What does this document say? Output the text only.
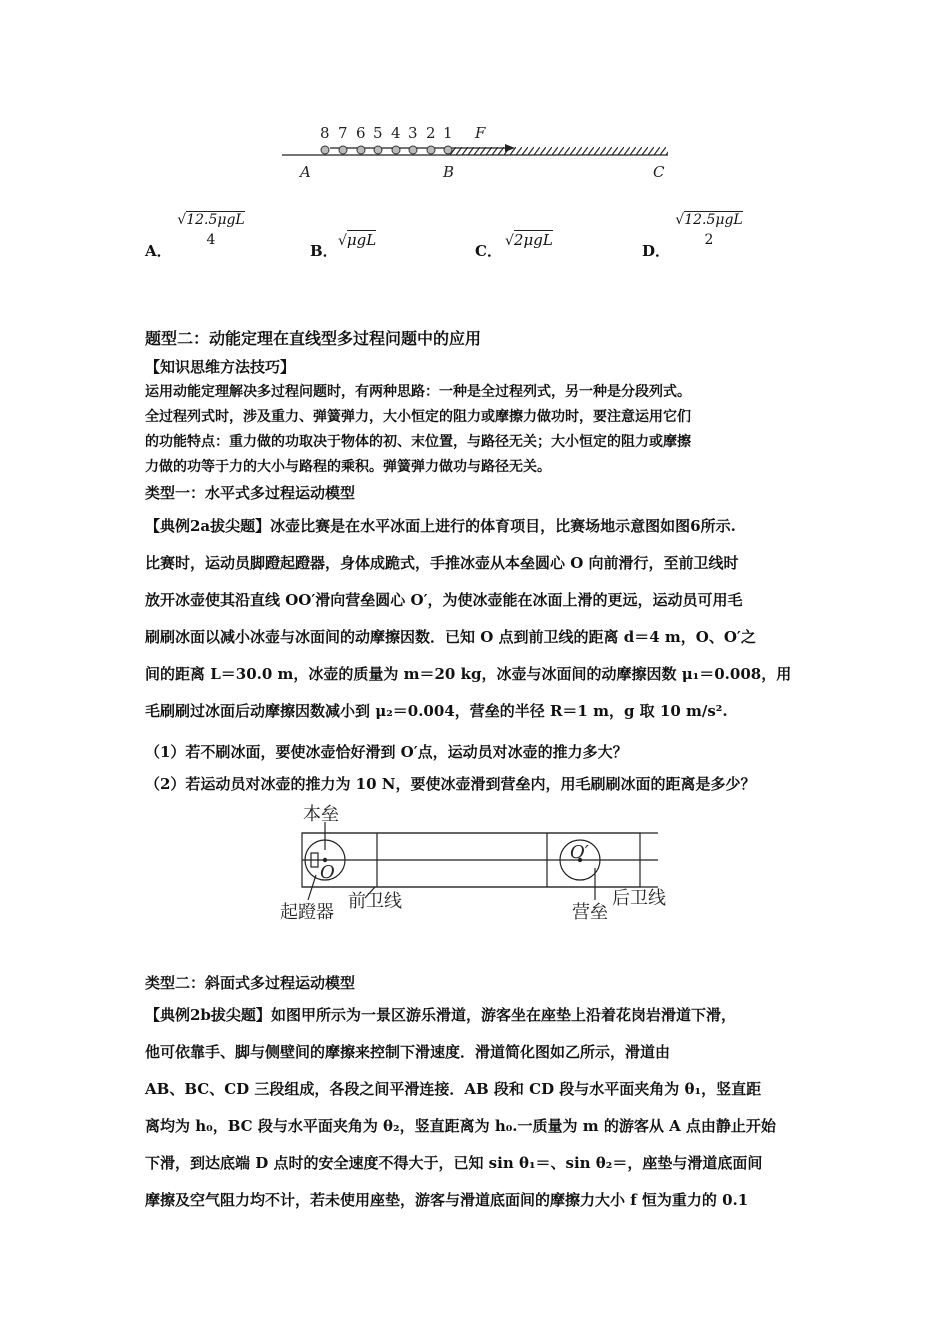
8 7 6 5 4 3 2 1 F
A	B	C
A．
√12.5μgL
4
B．
√μgL
C．
√2μgL
D．
√12.5μgL
2
题型二：动能定理在直线型多过程问题中的应用
【知识思维方法技巧】
运用动能定理解决多过程问题时，有两种思路：一种是全过程列式，另一种是分段列式。
全过程列式时，涉及重力、弹簧弹力，大小恒定的阻力或摩擦力做功时，要注意运用它们
的功能特点：重力做的功取决于物体的初、末位置，与路径无关；大小恒定的阻力或摩擦
力做的功等于力的大小与路程的乘积。弹簧弹力做功与路径无关。
类型一：水平式多过程运动模型
【典例2a拔尖题】冰壶比赛是在水平冰面上进行的体育项目，比赛场地示意图如图6所示.
比赛时，运动员脚蹬起蹬器，身体成跪式，手推冰壶从本垒圆心 O 向前滑行，至前卫线时
放开冰壶使其沿直线 OO′滑向营垒圆心 O′，为使冰壶能在冰面上滑的更远，运动员可用毛
刷刷冰面以减小冰壶与冰面间的动摩擦因数．已知 O 点到前卫线的距离 d＝4 m，O、O′之
间的距离 L＝30.0 m，冰壶的质量为 m＝20 kg，冰壶与冰面间的动摩擦因数 μ₁＝0.008，用
毛刷刷过冰面后动摩擦因数减小到 μ₂＝0.004，营垒的半径 R＝1 m，g 取 10 m/s².
（1）若不刷冰面，要使冰壶恰好滑到 O′点，运动员对冰壶的推力多大？
（2）若运动员对冰壶的推力为 10 N，要使冰壶滑到营垒内，用毛刷刷冰面的距离是多少？
本垒
O
O′
起蹬器
前卫线
营垒
后卫线
类型二：斜面式多过程运动模型
【典例2b拔尖题】如图甲所示为一景区游乐滑道，游客坐在座垫上沿着花岗岩滑道下滑，
他可依靠手、脚与侧壁间的摩擦来控制下滑速度．滑道简化图如乙所示，滑道由
AB、BC、CD 三段组成，各段之间平滑连接．AB 段和 CD 段与水平面夹角为 θ₁，竖直距
离均为 h₀，BC 段与水平面夹角为 θ₂，竖直距离为 h₀.一质量为 m 的游客从 A 点由静止开始
下滑，到达底端 D 点时的安全速度不得大于，已知 sin θ₁＝、sin θ₂＝，座垫与滑道底面间
摩擦及空气阻力均不计，若未使用座垫，游客与滑道底面间的摩擦力大小 f 恒为重力的 0.1
